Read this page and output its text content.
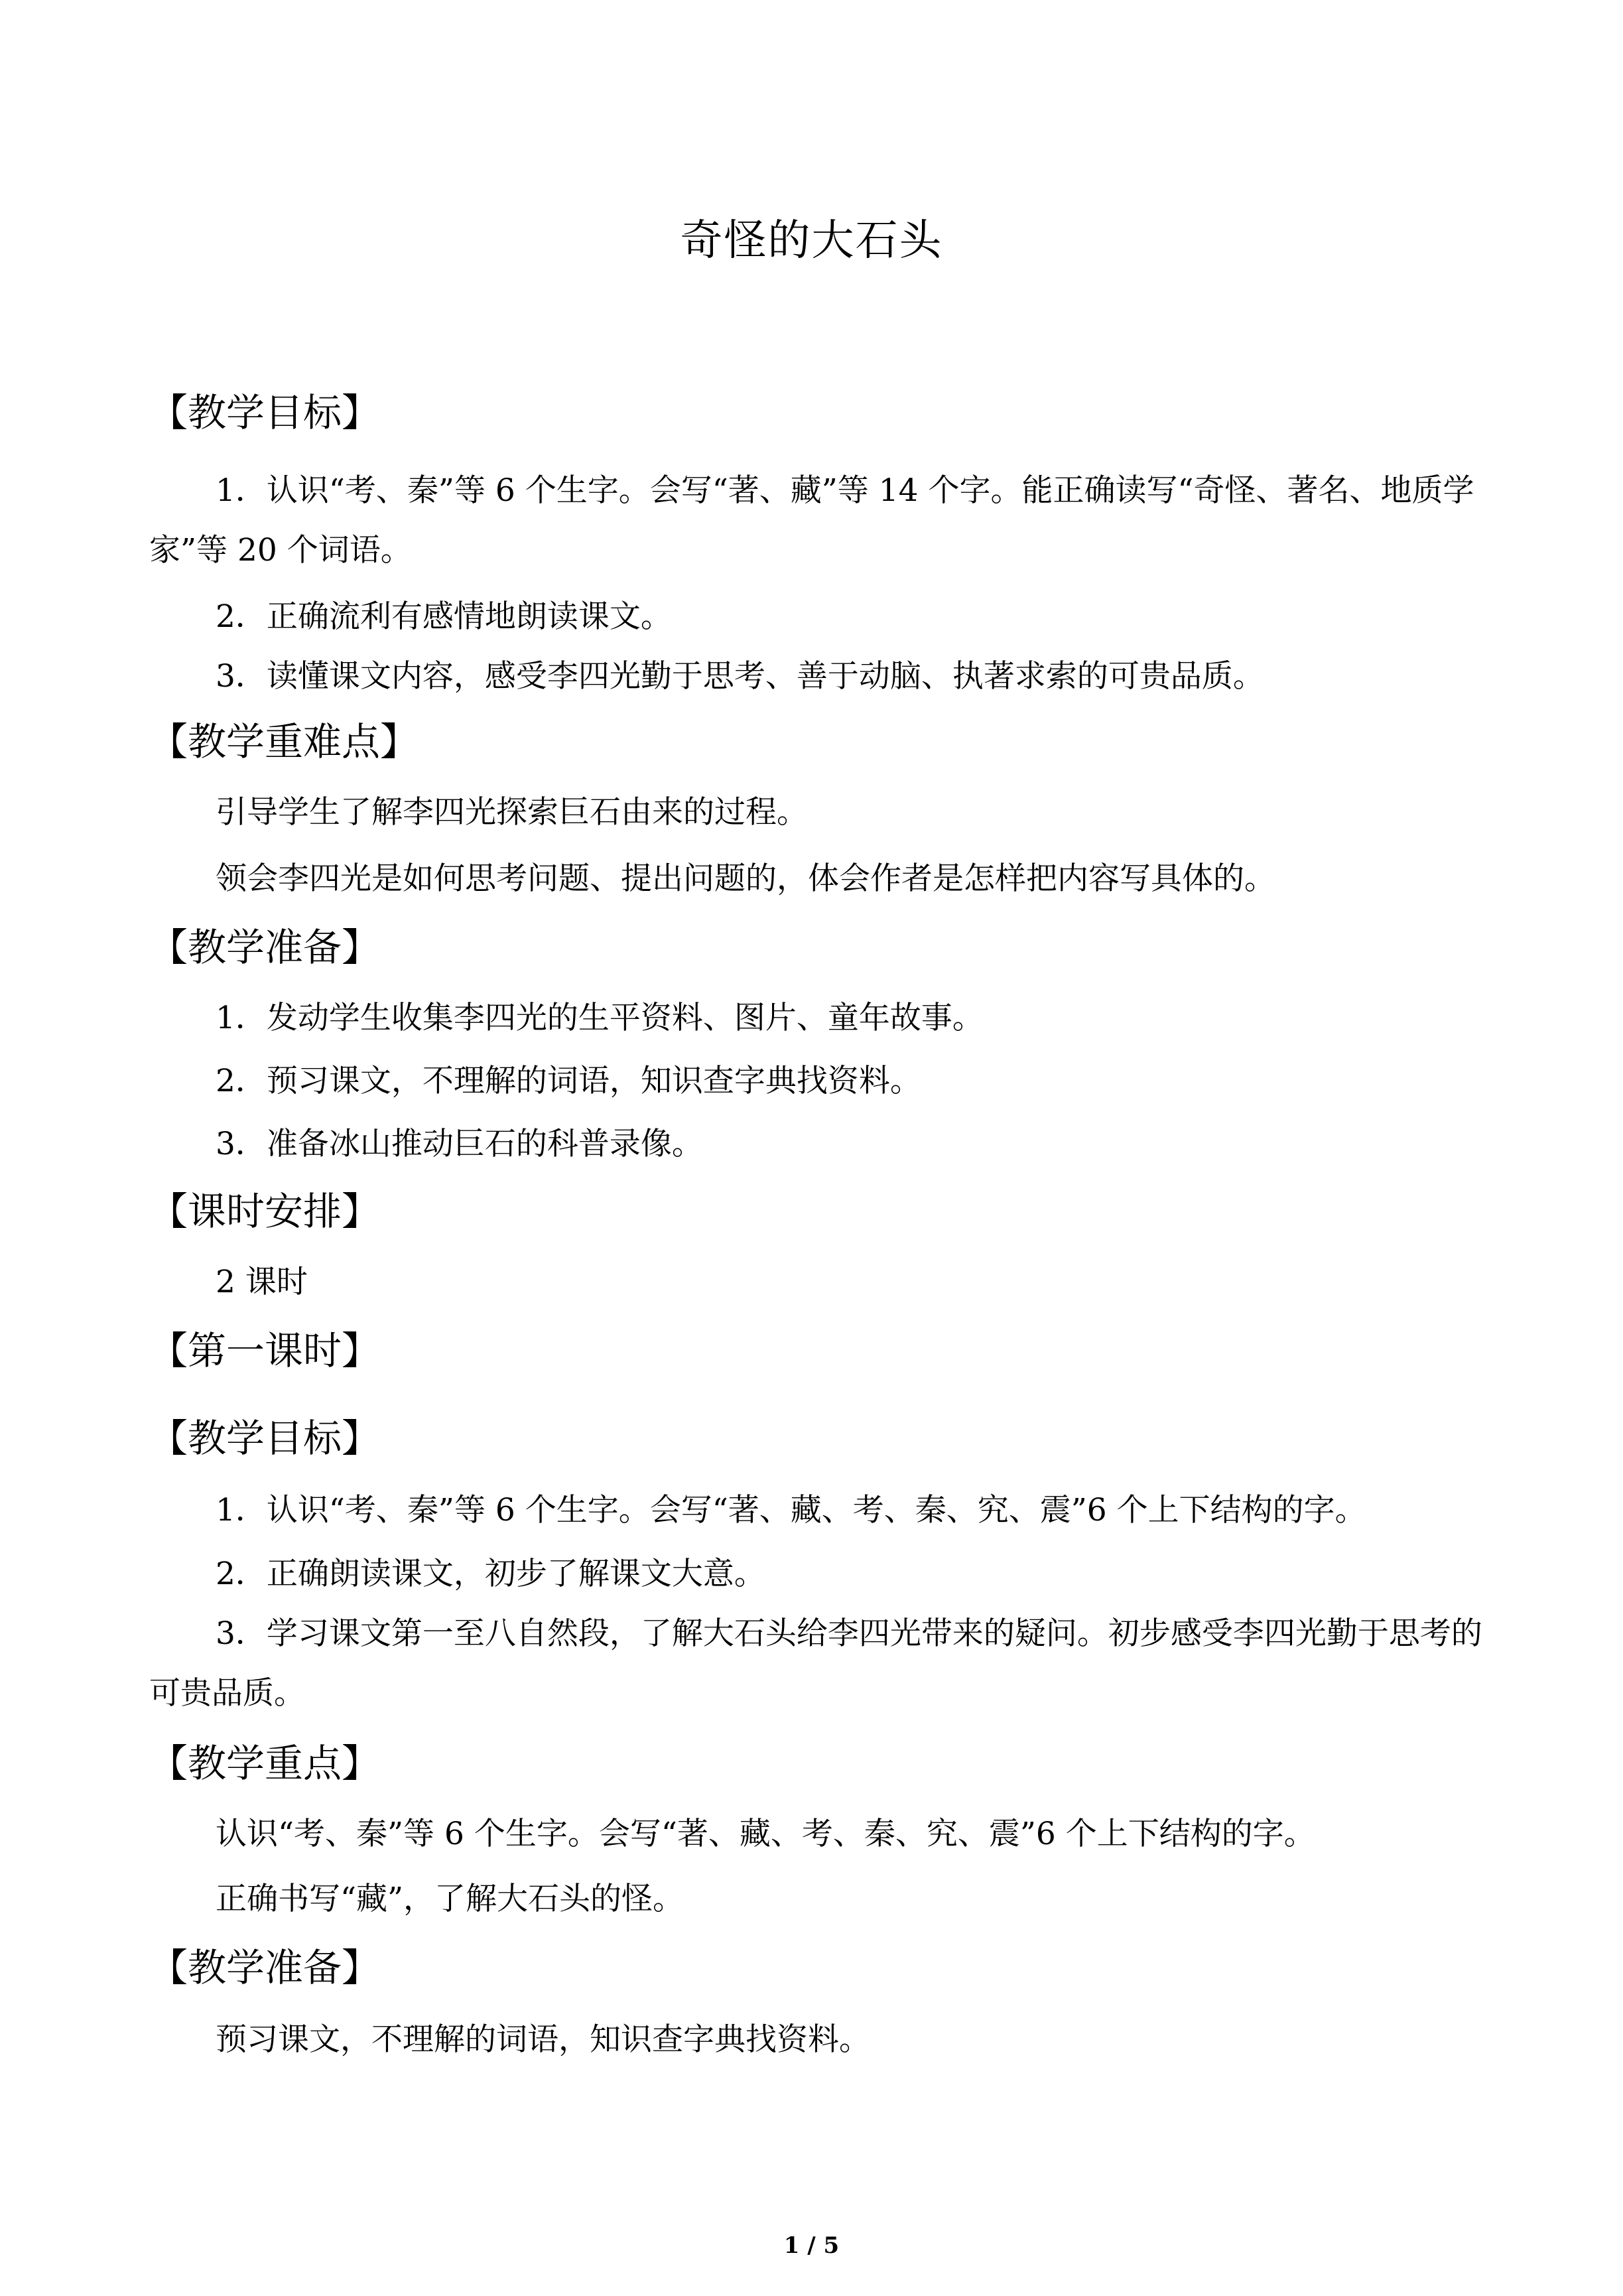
奇怪的大石头
【教学目标】
1．认识“考、秦”等 6 个生字。会写“著、藏”等 14 个字。能正确读写“奇怪、著名、地质学家”等 20 个词语。
2．正确流利有感情地朗读课文。
3．读懂课文内容，感受李四光勤于思考、善于动脑、执著求索的可贵品质。
【教学重难点】
引导学生了解李四光探索巨石由来的过程。
领会李四光是如何思考问题、提出问题的，体会作者是怎样把内容写具体的。
【教学准备】
1．发动学生收集李四光的生平资料、图片、童年故事。
2．预习课文，不理解的词语，知识查字典找资料。
3．准备冰山推动巨石的科普录像。
【课时安排】
2 课时
【第一课时】
【教学目标】
1．认识“考、秦”等 6 个生字。会写“著、藏、考、秦、究、震”6 个上下结构的字。
2．正确朗读课文，初步了解课文大意。
3．学习课文第一至八自然段，了解大石头给李四光带来的疑问。初步感受李四光勤于思考的可贵品质。
【教学重点】
认识“考、秦”等 6 个生字。会写“著、藏、考、秦、究、震”6 个上下结构的字。
正确书写“藏”，了解大石头的怪。
【教学准备】
预习课文，不理解的词语，知识查字典找资料。
1 / 5
